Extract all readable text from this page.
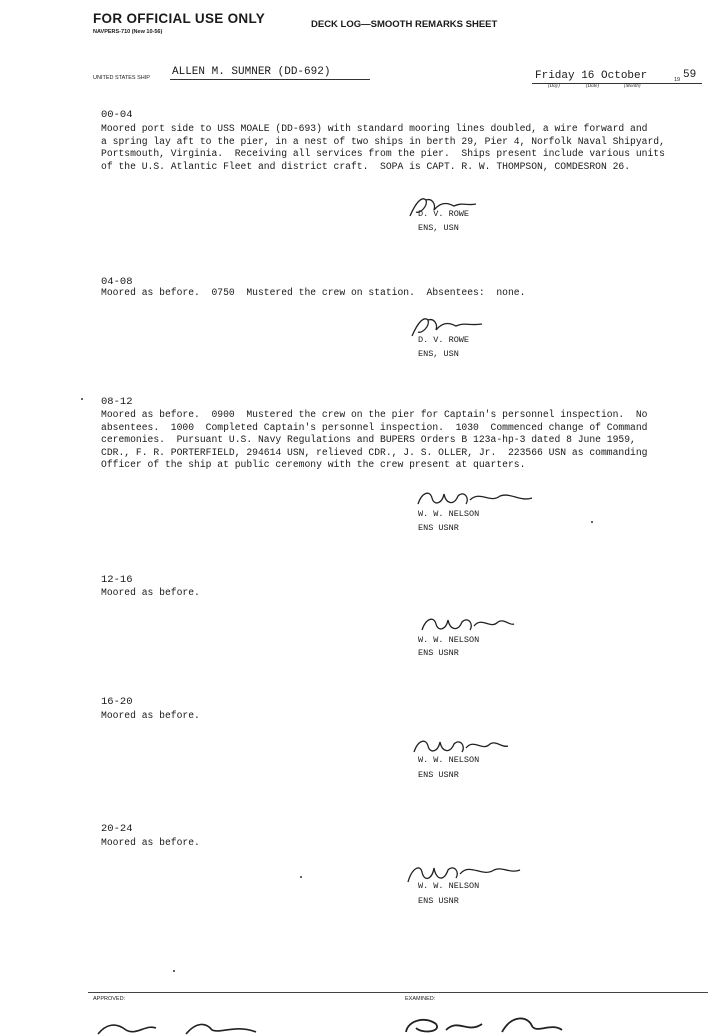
FOR OFFICIAL USE ONLY
NAVPERS-710 (New 10-56)
DECK LOG—SMOOTH REMARKS SHEET
UNITED STATES SHIP ALLEN M. SUMNER (DD-692)	Friday 16 October	19 59
(Day)	(Date)	(Month)
00-04
Moored port side to USS MOALE (DD-693) with standard mooring lines doubled, a wire forward and
a spring lay aft to the pier, in a nest of two ships in berth 29, Pier 4, Norfolk Naval Shipyard,
Portsmouth, Virginia.  Receiving all services from the pier.  Ships present include various units
of the U.S. Atlantic Fleet and district craft.  SOPA is CAPT. R. W. THOMPSON, COMDESRON 26.
D. V. ROWE
ENS, USN
04-08
Moored as before.  0750  Mustered the crew on station.  Absentees:  none.
D. V. ROWE
ENS, USN
08-12
Moored as before.  0900  Mustered the crew on the pier for Captain's personnel inspection.  No
absentees.  1000  Completed Captain's personnel inspection.  1030  Commenced change of Command
ceremonies.  Pursuant U.S. Navy Regulations and BUPERS Orders B 123a-hp-3 dated 8 June 1959,
CDR., F. R. PORTERFIELD, 294614 USN, relieved CDR., J. S. OLLER, Jr.  223566 USN as commanding
Officer of the ship at public ceremony with the crew present at quarters.
W. W. NELSON
ENS USNR
12-16
Moored as before.
W. W. NELSON
ENS USNR
16-20
Moored as before.
W. W. NELSON
ENS USNR
20-24
Moored as before.
W. W. NELSON
ENS USNR
APPROVED:	EXAMINED:
